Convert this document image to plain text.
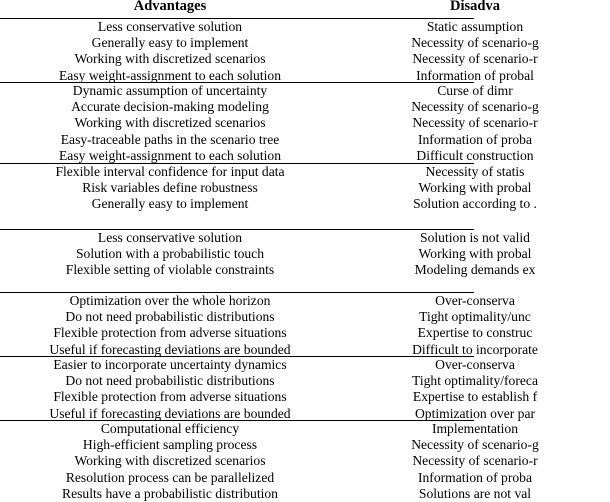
Advantages	Disadva
Less conservative solution	Static assumption
Generally easy to implement	Necessity of scenario-g
Working with discretized scenarios	Necessity of scenario-r
Easy weight-assignment to each solution	Information of probal
Dynamic assumption of uncertainty	Curse of dimr
Accurate decision-making modeling	Necessity of scenario-g
Working with discretized scenarios	Necessity of scenario-r
Easy-traceable paths in the scenario tree	Information of proba
Easy weight-assignment to each solution	Difficult construction
Flexible interval confidence for input data	Necessity of statis
Risk variables define robustness	Working with probal
Generally easy to implement	Solution according to .
Less conservative solution	Solution is not valid
Solution with a probabilistic touch	Working with probal
Flexible setting of violable constraints	Modeling demands ex
Optimization over the whole horizon	Over-conserva
Do not need probabilistic distributions	Tight optimality/unc
Flexible protection from adverse situations	Expertise to construc
Useful if forecasting deviations are bounded	Difficult to incorporate
Easier to incorporate uncertainty dynamics	Over-conserva
Do not need probabilistic distributions	Tight optimality/foreca
Flexible protection from adverse situations	Expertise to establish f
Useful if forecasting deviations are bounded	Optimization over par
Computational efficiency	Implementation
High-efficient sampling process	Necessity of scenario-g
Working with discretized scenarios	Necessity of scenario-r
Resolution process can be parallelized	Information of proba
Results have a probabilistic distribution	Solutions are not val
